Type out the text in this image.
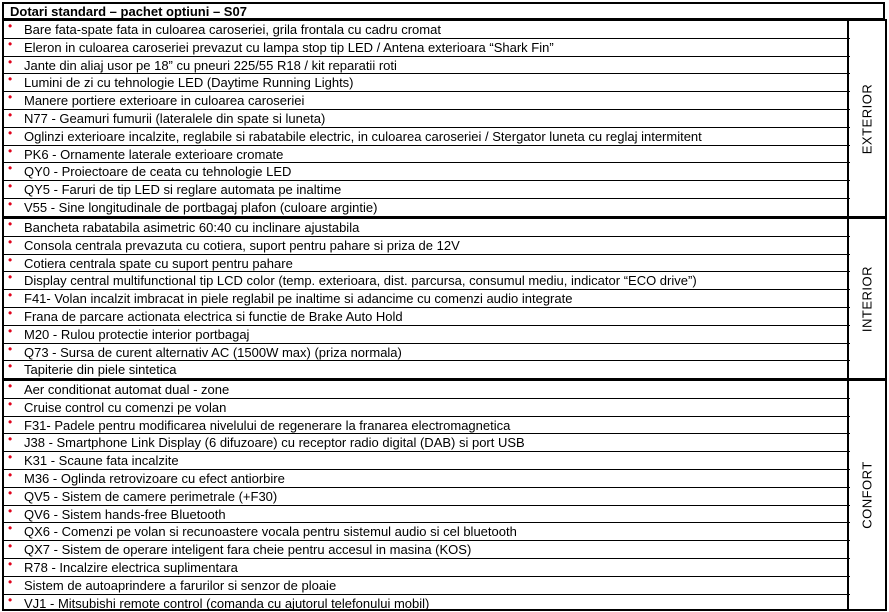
Dotari standard – pachet optiuni – S07
• Bare fata-spate fata in culoarea caroseriei, grila frontala cu cadru cromat
• Eleron in culoarea caroseriei prevazut cu lampa stop tip LED / Antena exterioara “Shark Fin”
• Jante din aliaj usor pe 18” cu pneuri 225/55 R18 / kit reparatii roti
• Lumini de zi cu tehnologie LED (Daytime Running Lights)
• Manere portiere exterioare in culoarea caroseriei
• N77 - Geamuri fumurii (lateralele din spate si luneta)
• Oglinzi exterioare incalzite, reglabile si rabatabile electric, in culoarea caroseriei / Stergator luneta cu reglaj intermitent
• PK6 - Ornamente laterale exterioare cromate
• QY0 - Proiectoare de ceata cu tehnologie LED
• QY5 - Faruri de tip LED si reglare automata pe inaltime
• V55 - Sine longitudinale de portbagaj plafon (culoare argintie)
EXTERIOR
• Bancheta rabatabila asimetric 60:40 cu inclinare ajustabila
• Consola centrala prevazuta cu cotiera, suport pentru pahare si priza de 12V
• Cotiera centrala spate cu suport pentru pahare
• Display central multifunctional tip LCD color (temp. exterioara, dist. parcursa, consumul mediu, indicator “ECO drive”)
• F41- Volan incalzit imbracat in piele reglabil pe inaltime si adancime cu comenzi audio integrate
• Frana de parcare actionata electrica si functie de Brake Auto Hold
• M20 - Rulou protectie interior portbagaj
• Q73 - Sursa de curent alternativ AC (1500W max) (priza normala)
• Tapiterie din piele sintetica
INTERIOR
• Aer conditionat automat dual - zone
• Cruise control cu comenzi pe volan
• F31- Padele pentru modificarea nivelului de regenerare la franarea electromagnetica
• J38 - Smartphone Link Display (6 difuzoare) cu receptor radio digital (DAB) si port USB
• K31 - Scaune fata incalzite
• M36 - Oglinda retrovizoare cu efect antiorbire
• QV5 - Sistem de camere perimetrale (+F30)
• QV6 - Sistem hands-free Bluetooth
• QX6 - Comenzi pe volan si recunoastere vocala pentru sistemul audio si cel bluetooth
• QX7 - Sistem de operare inteligent fara cheie pentru accesul in masina (KOS)
• R78 - Incalzire electrica suplimentara
• Sistem de autoaprindere a farurilor si senzor de ploaie
• VJ1 - Mitsubishi remote control (comanda cu ajutorul telefonului mobil)
CONFORT
